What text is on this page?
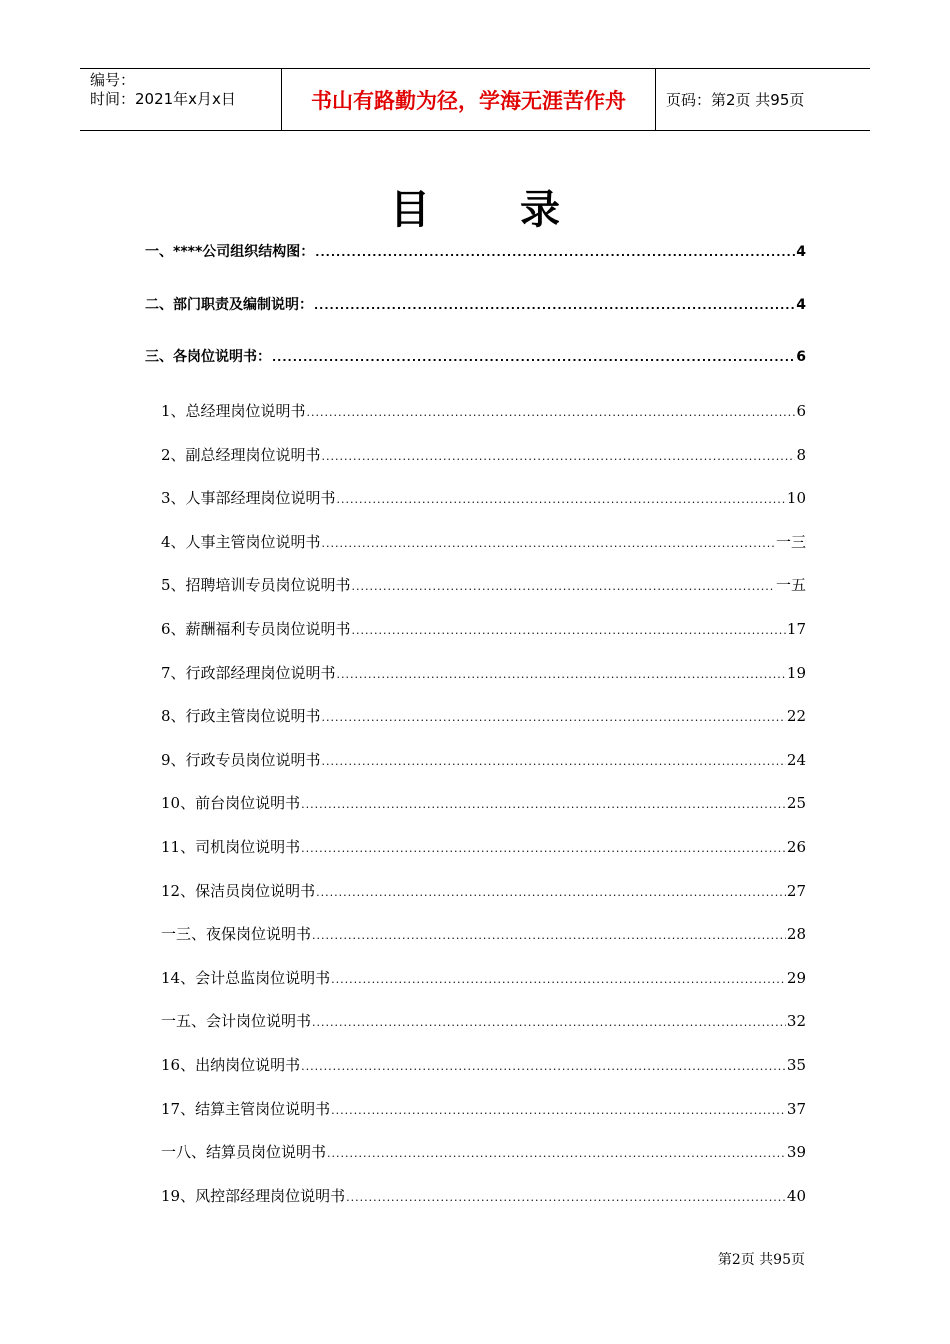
编号：
时间：2021年x月x日	书山有路勤为径，学海无涯苦作舟	页码：第2页 共95页
目 录
一、****公司组织结构图： .....	4
二、部门职责及编制说明： .....	4
三、各岗位说明书： .....	6
1、总经理岗位说明书 .....	6
2、副总经理岗位说明书 .....	8
3、人事部经理岗位说明书 .....	10
4、人事主管岗位说明书 .....	一三
5、招聘培训专员岗位说明书 .....	一五
6、薪酬福利专员岗位说明书 .....	17
7、行政部经理岗位说明书 .....	19
8、行政主管岗位说明书 .....	22
9、行政专员岗位说明书 .....	24
10、前台岗位说明书 .....	25
11、司机岗位说明书 .....	26
12、保洁员岗位说明书 .....	27
一三、夜保岗位说明书 .....	28
14、会计总监岗位说明书 .....	29
一五、会计岗位说明书 .....	32
16、出纳岗位说明书 .....	35
17、结算主管岗位说明书 .....	37
一八、结算员岗位说明书 .....	39
19、风控部经理岗位说明书 .....	40
第2页 共95页
